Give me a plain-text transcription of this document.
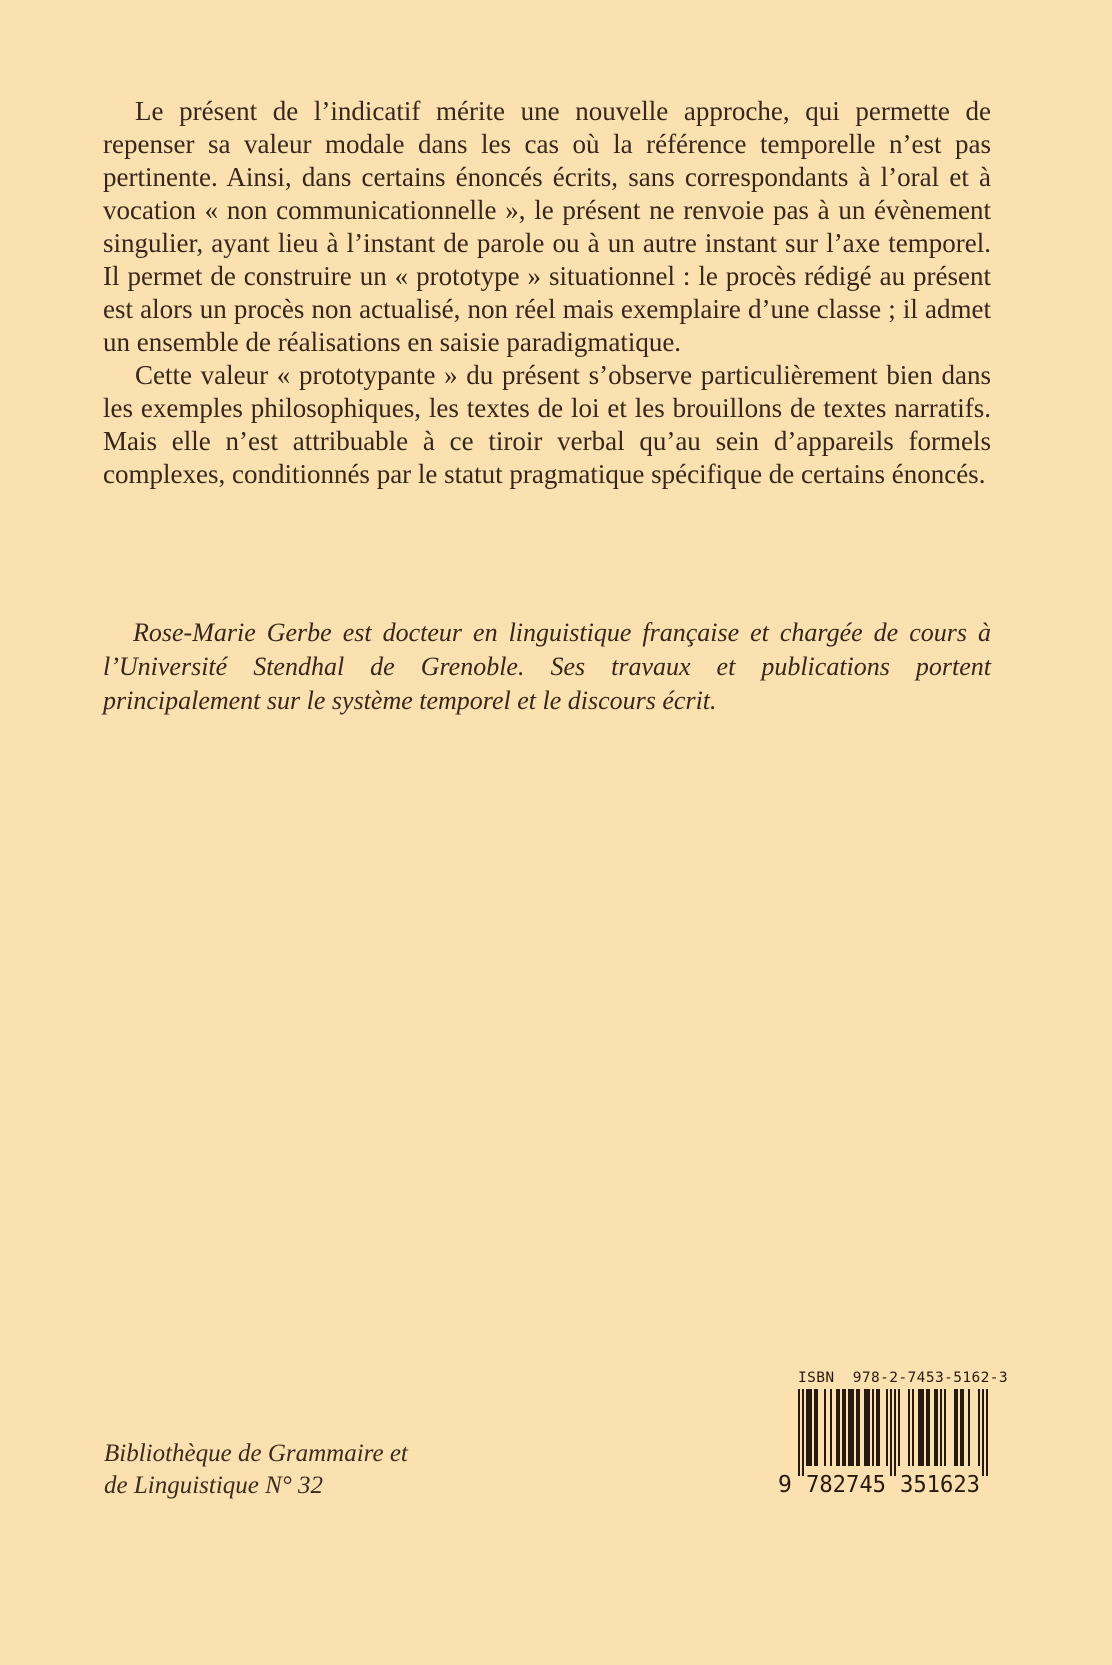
Le présent de l’indicatif mérite une nouvelle approche, qui permette de repenser sa valeur modale dans les cas où la référence temporelle n’est pas pertinente. Ainsi, dans certains énoncés écrits, sans correspondants à l’oral et à vocation « non communicationnelle », le présent ne renvoie pas à un évènement singulier, ayant lieu à l’instant de parole ou à un autre instant sur l’axe temporel. Il permet de construire un « prototype » situationnel : le procès rédigé au présent est alors un procès non actualisé, non réel mais exemplaire d’une classe ; il admet un ensemble de réalisations en saisie paradigmatique.

Cette valeur « prototypante » du présent s’observe particulièrement bien dans les exemples philosophiques, les textes de loi et les brouillons de textes narratifs. Mais elle n’est attribuable à ce tiroir verbal qu’au sein d’appareils formels complexes, conditionnés par le statut pragmatique spécifique de certains énoncés.

Rose-Marie Gerbe est docteur en linguistique française et chargée de cours à l’Université Stendhal de Grenoble. Ses travaux et publications portent principalement sur le système temporel et le discours écrit.

Bibliothèque de Grammaire et
de Linguistique N° 32
ISBN  978-2-7453-5162-3
9 782745 351623
